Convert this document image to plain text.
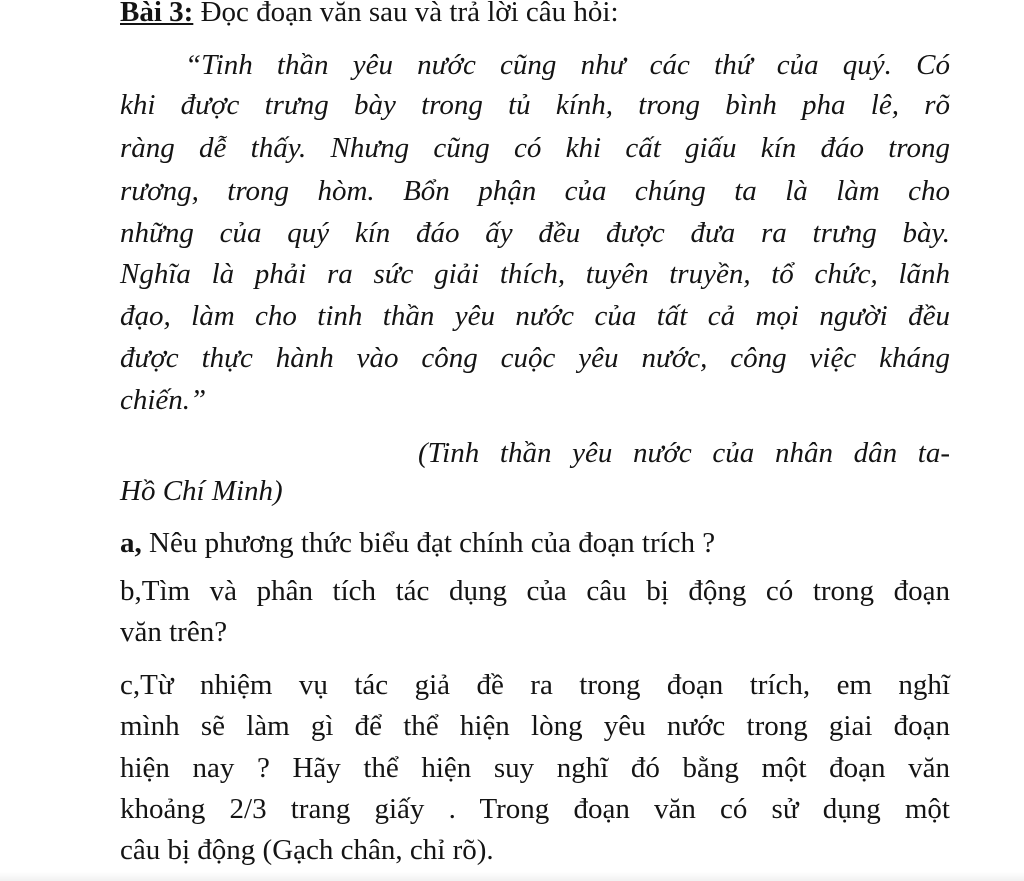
Bài 3: Đọc đoạn văn sau và trả lời câu hỏi:
“Tinh thần yêu nước cũng như các thứ của quý. Có
khi được trưng bày trong tủ kính, trong bình pha lê, rõ
ràng dễ thấy. Nhưng cũng có khi cất giấu kín đáo trong
rương, trong hòm. Bổn phận của chúng ta là làm cho
những của quý kín đáo ấy đều được đưa ra trưng bày.
Nghĩa là phải ra sức giải thích, tuyên truyền, tổ chức, lãnh
đạo, làm cho tinh thần yêu nước của tất cả mọi người đều
được thực hành vào công cuộc yêu nước, công việc kháng
chiến.”
(Tinh thần yêu nước của nhân dân ta-
Hồ Chí Minh)
a, Nêu phương thức biểu đạt chính của đoạn trích ?
b,Tìm và phân tích tác dụng của câu bị động có trong đoạn
văn trên?
c,Từ nhiệm vụ tác giả đề ra trong đoạn trích, em nghĩ
mình sẽ làm gì để thể hiện lòng yêu nước trong giai đoạn
hiện nay ? Hãy thể hiện suy nghĩ đó bằng một đoạn văn
khoảng 2/3 trang giấy . Trong đoạn văn có sử dụng một
câu bị động (Gạch chân, chỉ rõ).
